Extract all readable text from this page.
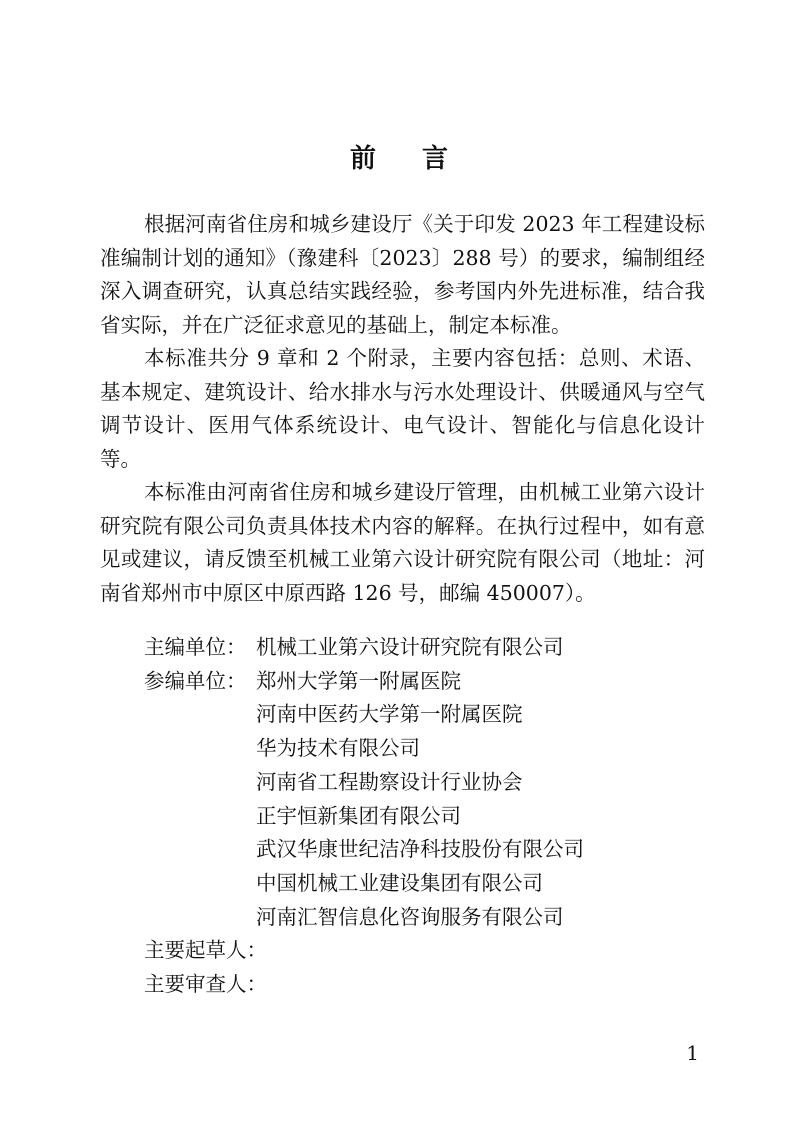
前 言

根据河南省住房和城乡建设厅《关于印发 2023 年工程建设标准编制计划的通知》（豫建科〔2023〕288 号）的要求，编制组经深入调查研究，认真总结实践经验，参考国内外先进标准，结合我省实际，并在广泛征求意见的基础上，制定本标准。

本标准共分 9 章和 2 个附录，主要内容包括：总则、术语、基本规定、建筑设计、给水排水与污水处理设计、供暖通风与空气调节设计、医用气体系统设计、电气设计、智能化与信息化设计等。

本标准由河南省住房和城乡建设厅管理，由机械工业第六设计研究院有限公司负责具体技术内容的解释。在执行过程中，如有意见或建议，请反馈至机械工业第六设计研究院有限公司（地址：河南省郑州市中原区中原西路 126 号，邮编 450007）。

主编单位： 机械工业第六设计研究院有限公司
参编单位： 郑州大学第一附属医院
河南中医药大学第一附属医院
华为技术有限公司
河南省工程勘察设计行业协会
正宇恒新集团有限公司
武汉华康世纪洁净科技股份有限公司
中国机械工业建设集团有限公司
河南汇智信息化咨询服务有限公司
主要起草人：
主要审查人：
1
